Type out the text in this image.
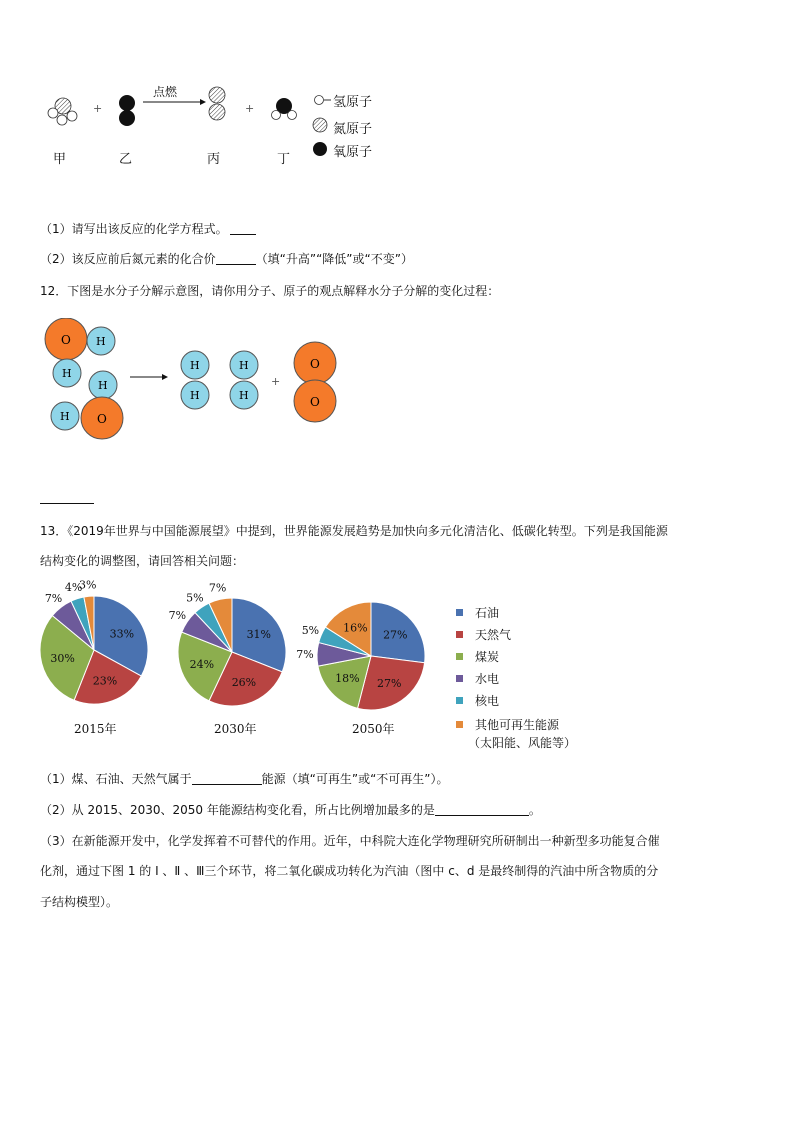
+
点燃
+	氢原子
氮原子
氧原子
甲	乙	丙	丁
（1）请写出该反应的化学方程式。
（2）该反应前后氮元素的化合价	（填“升高”“降低”或“不变”）
12．下图是水分子分解示意图，请你用分子、原子的观点解释水分子分解的变化过程：
O H
H
H
H O
H
H
H
H
+
O
O
13．《2019年世界与中国能源展望》中提到，世界能源发展趋势是加快向多元化清洁化、低碳化转型。下列是我国能源
结构变化的调整图，请回答相关问题：
33%
23%
30%
7%
4%
3%
31%
26%
24%
7%
5%
7%
27%
27%
18%
7%
5% 16%
2015年	2030年	2050年
石油
天然气
煤炭
水电
核电
其他可再生能源
（太阳能、风能等）
（1）煤、石油、天然气属于	能源（填“可再生”或“不可再生”）。
（2）从 2015、2030、2050 年能源结构变化看，所占比例增加最多的是	。
（3）在新能源开发中，化学发挥着不可替代的作用。近年，中科院大连化学物理研究所研制出一种新型多功能复合催
化剂，通过下图 1 的 Ⅰ 、Ⅱ 、Ⅲ三个环节，将二氧化碳成功转化为汽油（图中 c、d 是最终制得的汽油中所含物质的分
子结构模型）。
